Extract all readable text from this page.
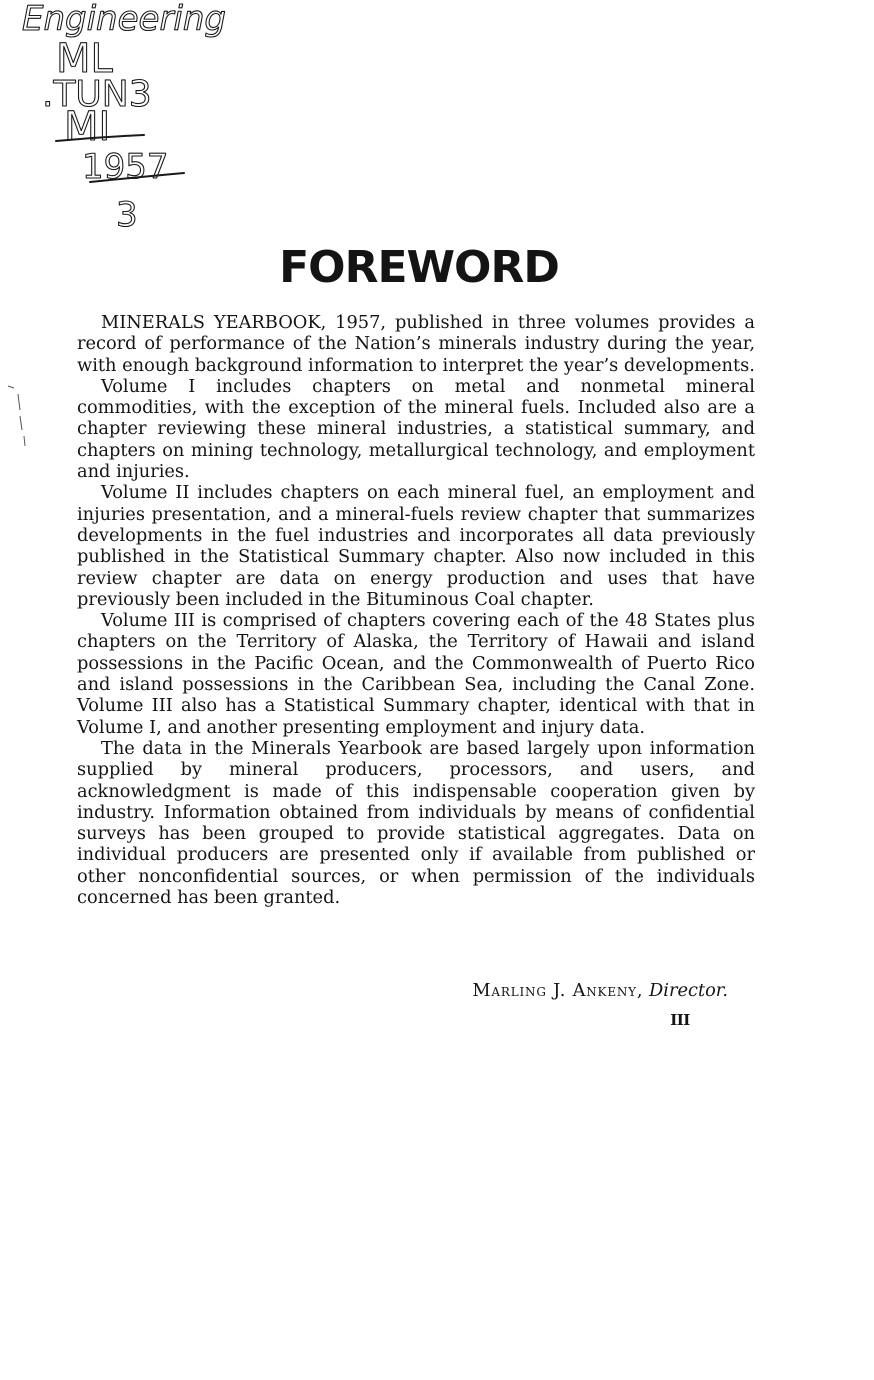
Engineering
ML
.TUN3
MI
1957
3
FOREWORD

MINERALS YEARBOOK, 1957, published in three volumes provides a record of performance of the Nation’s minerals industry during the year, with enough background information to interpret the year’s developments.

Volume I includes chapters on metal and nonmetal mineral commodities, with the exception of the mineral fuels. Included also are a chapter reviewing these mineral industries, a statistical summary, and chapters on mining technology, metallurgical technology, and employment and injuries.

Volume II includes chapters on each mineral fuel, an employment and injuries presentation, and a mineral-fuels review chapter that summarizes developments in the fuel industries and incorporates all data previously published in the Statistical Summary chapter. Also now included in this review chapter are data on energy production and uses that have previously been included in the Bituminous Coal chapter.

Volume III is comprised of chapters covering each of the 48 States plus chapters on the Territory of Alaska, the Territory of Hawaii and island possessions in the Pacific Ocean, and the Commonwealth of Puerto Rico and island possessions in the Caribbean Sea, including the Canal Zone. Volume III also has a Statistical Summary chapter, identical with that in Volume I, and another presenting employment and injury data.

The data in the Minerals Yearbook are based largely upon information supplied by mineral producers, processors, and users, and acknowledgment is made of this indispensable cooperation given by industry. Information obtained from individuals by means of confidential surveys has been grouped to provide statistical aggregates. Data on individual producers are presented only if available from published or other nonconfidential sources, or when permission of the individuals concerned has been granted.

Marling J. Ankeny, Director.
III
